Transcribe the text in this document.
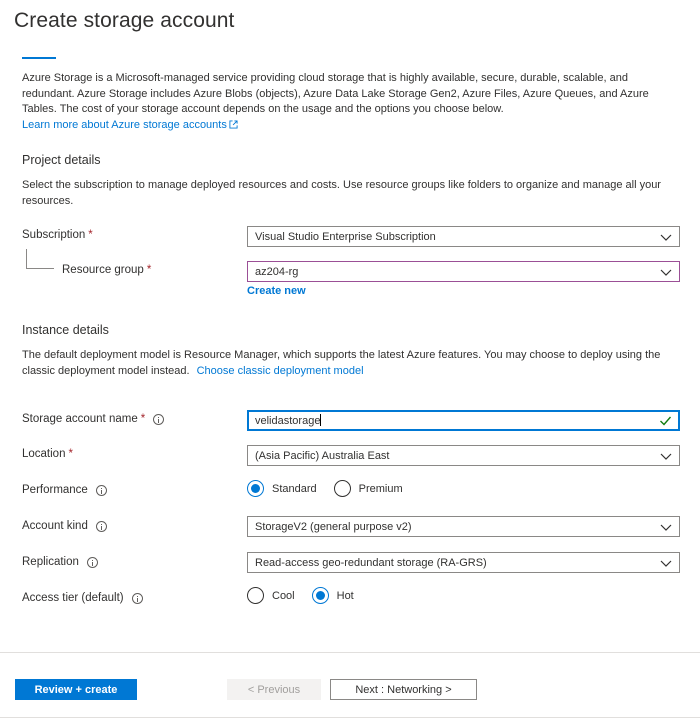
Create storage account
Azure Storage is a Microsoft-managed service providing cloud storage that is highly available, secure, durable, scalable, and redundant. Azure Storage includes Azure Blobs (objects), Azure Data Lake Storage Gen2, Azure Files, Azure Queues, and Azure Tables. The cost of your storage account depends on the usage and the options you choose below.
Learn more about Azure storage accounts
Project details
Select the subscription to manage deployed resources and costs. Use resource groups like folders to organize and manage all your resources.
Subscription *	Visual Studio Enterprise Subscription
Resource group *	az204-rg
Create new
Instance details
The default deployment model is Resource Manager, which supports the latest Azure features. You may choose to deploy using the classic deployment model instead. Choose classic deployment model
Storage account name *	velidastorage
Location *	(Asia Pacific) Australia East
Performance	Standard	Premium
Account kind	StorageV2 (general purpose v2)
Replication	Read-access geo-redundant storage (RA-GRS)
Access tier (default)	Cool	Hot
Review + create	< Previous	Next : Networking >
